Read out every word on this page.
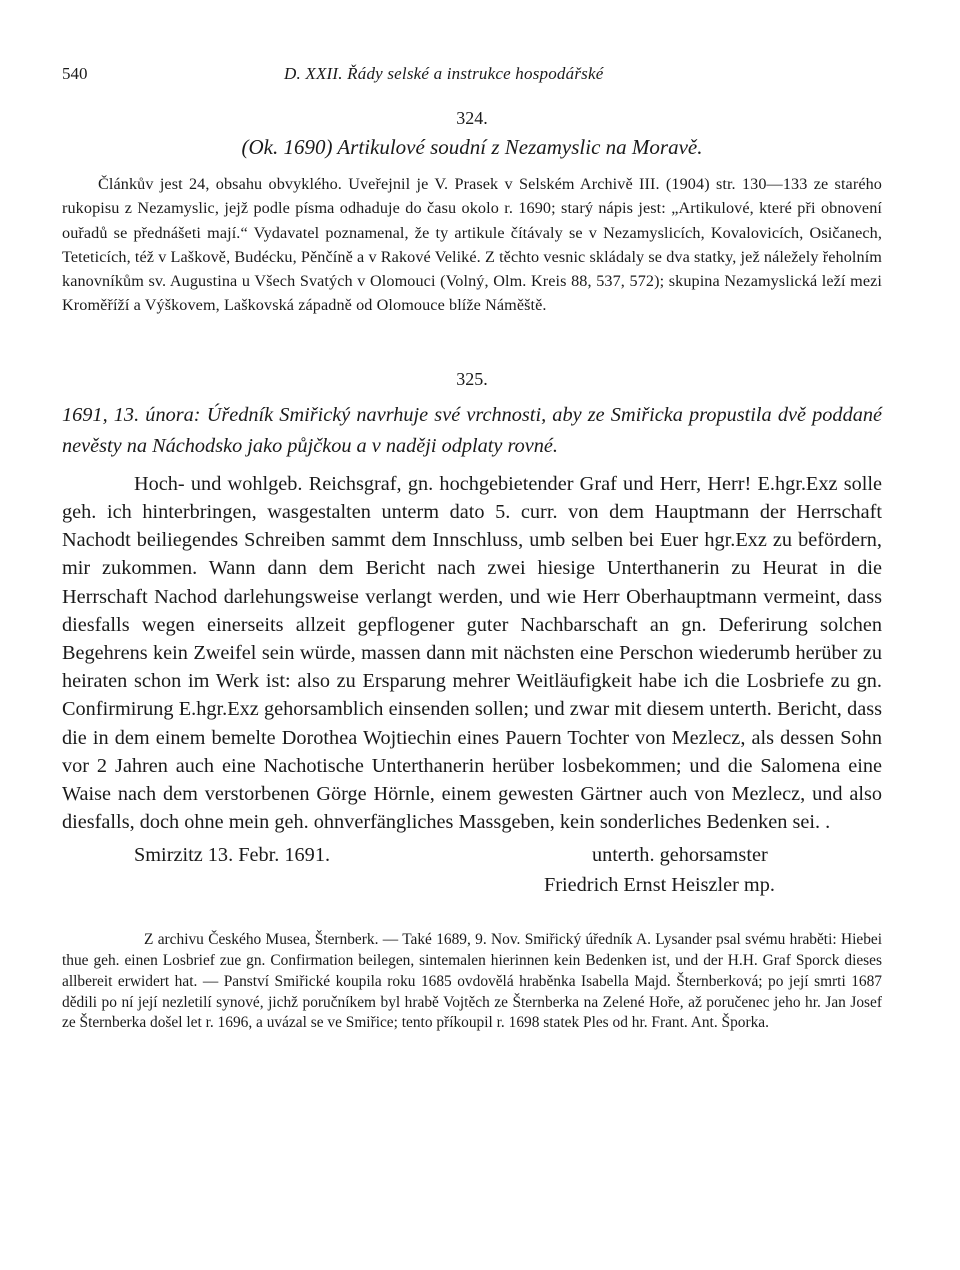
540	D. XXII. Řády selské a instrukce hospodářské
324.
(Ok. 1690) Artikulové soudní z Nezamyslic na Moravě.

Článkův jest 24, obsahu obvyklého. Uveřejnil je V. Prasek v Selském Archivě III. (1904) str. 130—133 ze starého rukopisu z Nezamyslic, jejž podle písma odhaduje do času okolo r. 1690; starý nápis jest: „Artikulové, které při obnovení ouřadů se přednášeti mají.“ Vydavatel poznamenal, že ty artikule čítávaly se v Nezamyslicích, Kovalovicích, Osičanech, Teteticích, též v Laškově, Budécku, Pěnčíně a v Rakové Veliké. Z těchto vesnic skládaly se dva statky, jež náležely řeholním kanovníkům sv. Augustina u Všech Svatých v Olomouci (Volný, Olm. Kreis 88, 537, 572); skupina Nezamyslická leží mezi Kroměříží a Výškovem, Laškovská západně od Olomouce blíže Náměště.

325.

1691, 13. února: Úředník Smiřický navrhuje své vrchnosti, aby ze Smiřicka propustila dvě poddané nevěsty na Náchodsko jako půjčkou a v naději odplaty rovné.

Hoch- und wohlgeb. Reichsgraf, gn. hochgebietender Graf und Herr, Herr! E.hgr.Exz solle geh. ich hinterbringen, wasgestalten unterm dato 5. curr. von dem Hauptmann der Herrschaft Nachodt beiliegendes Schreiben sammt dem Innschluss, umb selben bei Euer hgr.Exz zu befördern, mir zukommen. Wann dann dem Bericht nach zwei hiesige Unterthanerin zu Heurat in die Herrschaft Nachod darlehungsweise verlangt werden, und wie Herr Oberhauptmann vermeint, dass diesfalls wegen einerseits allzeit gepflogener guter Nachbarschaft an gn. Deferirung solchen Begehrens kein Zweifel sein würde, massen dann mit nächsten eine Perschon wiederumb herüber zu heiraten schon im Werk ist: also zu Ersparung mehrer Weitläufigkeit habe ich die Losbriefe zu gn. Confirmirung E.hgr.Exz gehorsamblich einsenden sollen; und zwar mit diesem unterth. Bericht, dass die in dem einem bemelte Dorothea Wojtiechin eines Pauern Tochter von Mezlecz, als dessen Sohn vor 2 Jahren auch eine Nachotische Unterthanerin herüber losbekommen; und die Salomena eine Waise nach dem verstorbenen Görge Hörnle, einem gewesten Gärtner auch von Mezlecz, und also diesfalls, doch ohne mein geh. ohnverfängliches Massgeben, kein sonderliches Bedenken sei. .

Smirzitz 13. Febr. 1691.	unterth. gehorsamster
Friedrich Ernst Heiszler mp.

Z archivu Českého Musea, Šternberk. — Také 1689, 9. Nov. Smiřický úředník A. Lysander psal svému hraběti: Hiebei thue geh. einen Losbrief zue gn. Confirmation beilegen, sintemalen hierinnen kein Bedenken ist, und der H.H. Graf Sporck dieses allbereit erwidert hat. — Panství Smiřické koupila roku 1685 ovdovělá hraběnka Isabella Majd. Šternberková; po její smrti 1687 dědili po ní její nezletilí synové, jichž poručníkem byl hrabě Vojtěch ze Šternberka na Zelené Hoře, až poručenec jeho hr. Jan Josef ze Šternberka došel let r. 1696, a uvázal se ve Smiřice; tento příkoupil r. 1698 statek Ples od hr. Frant. Ant. Šporka.
